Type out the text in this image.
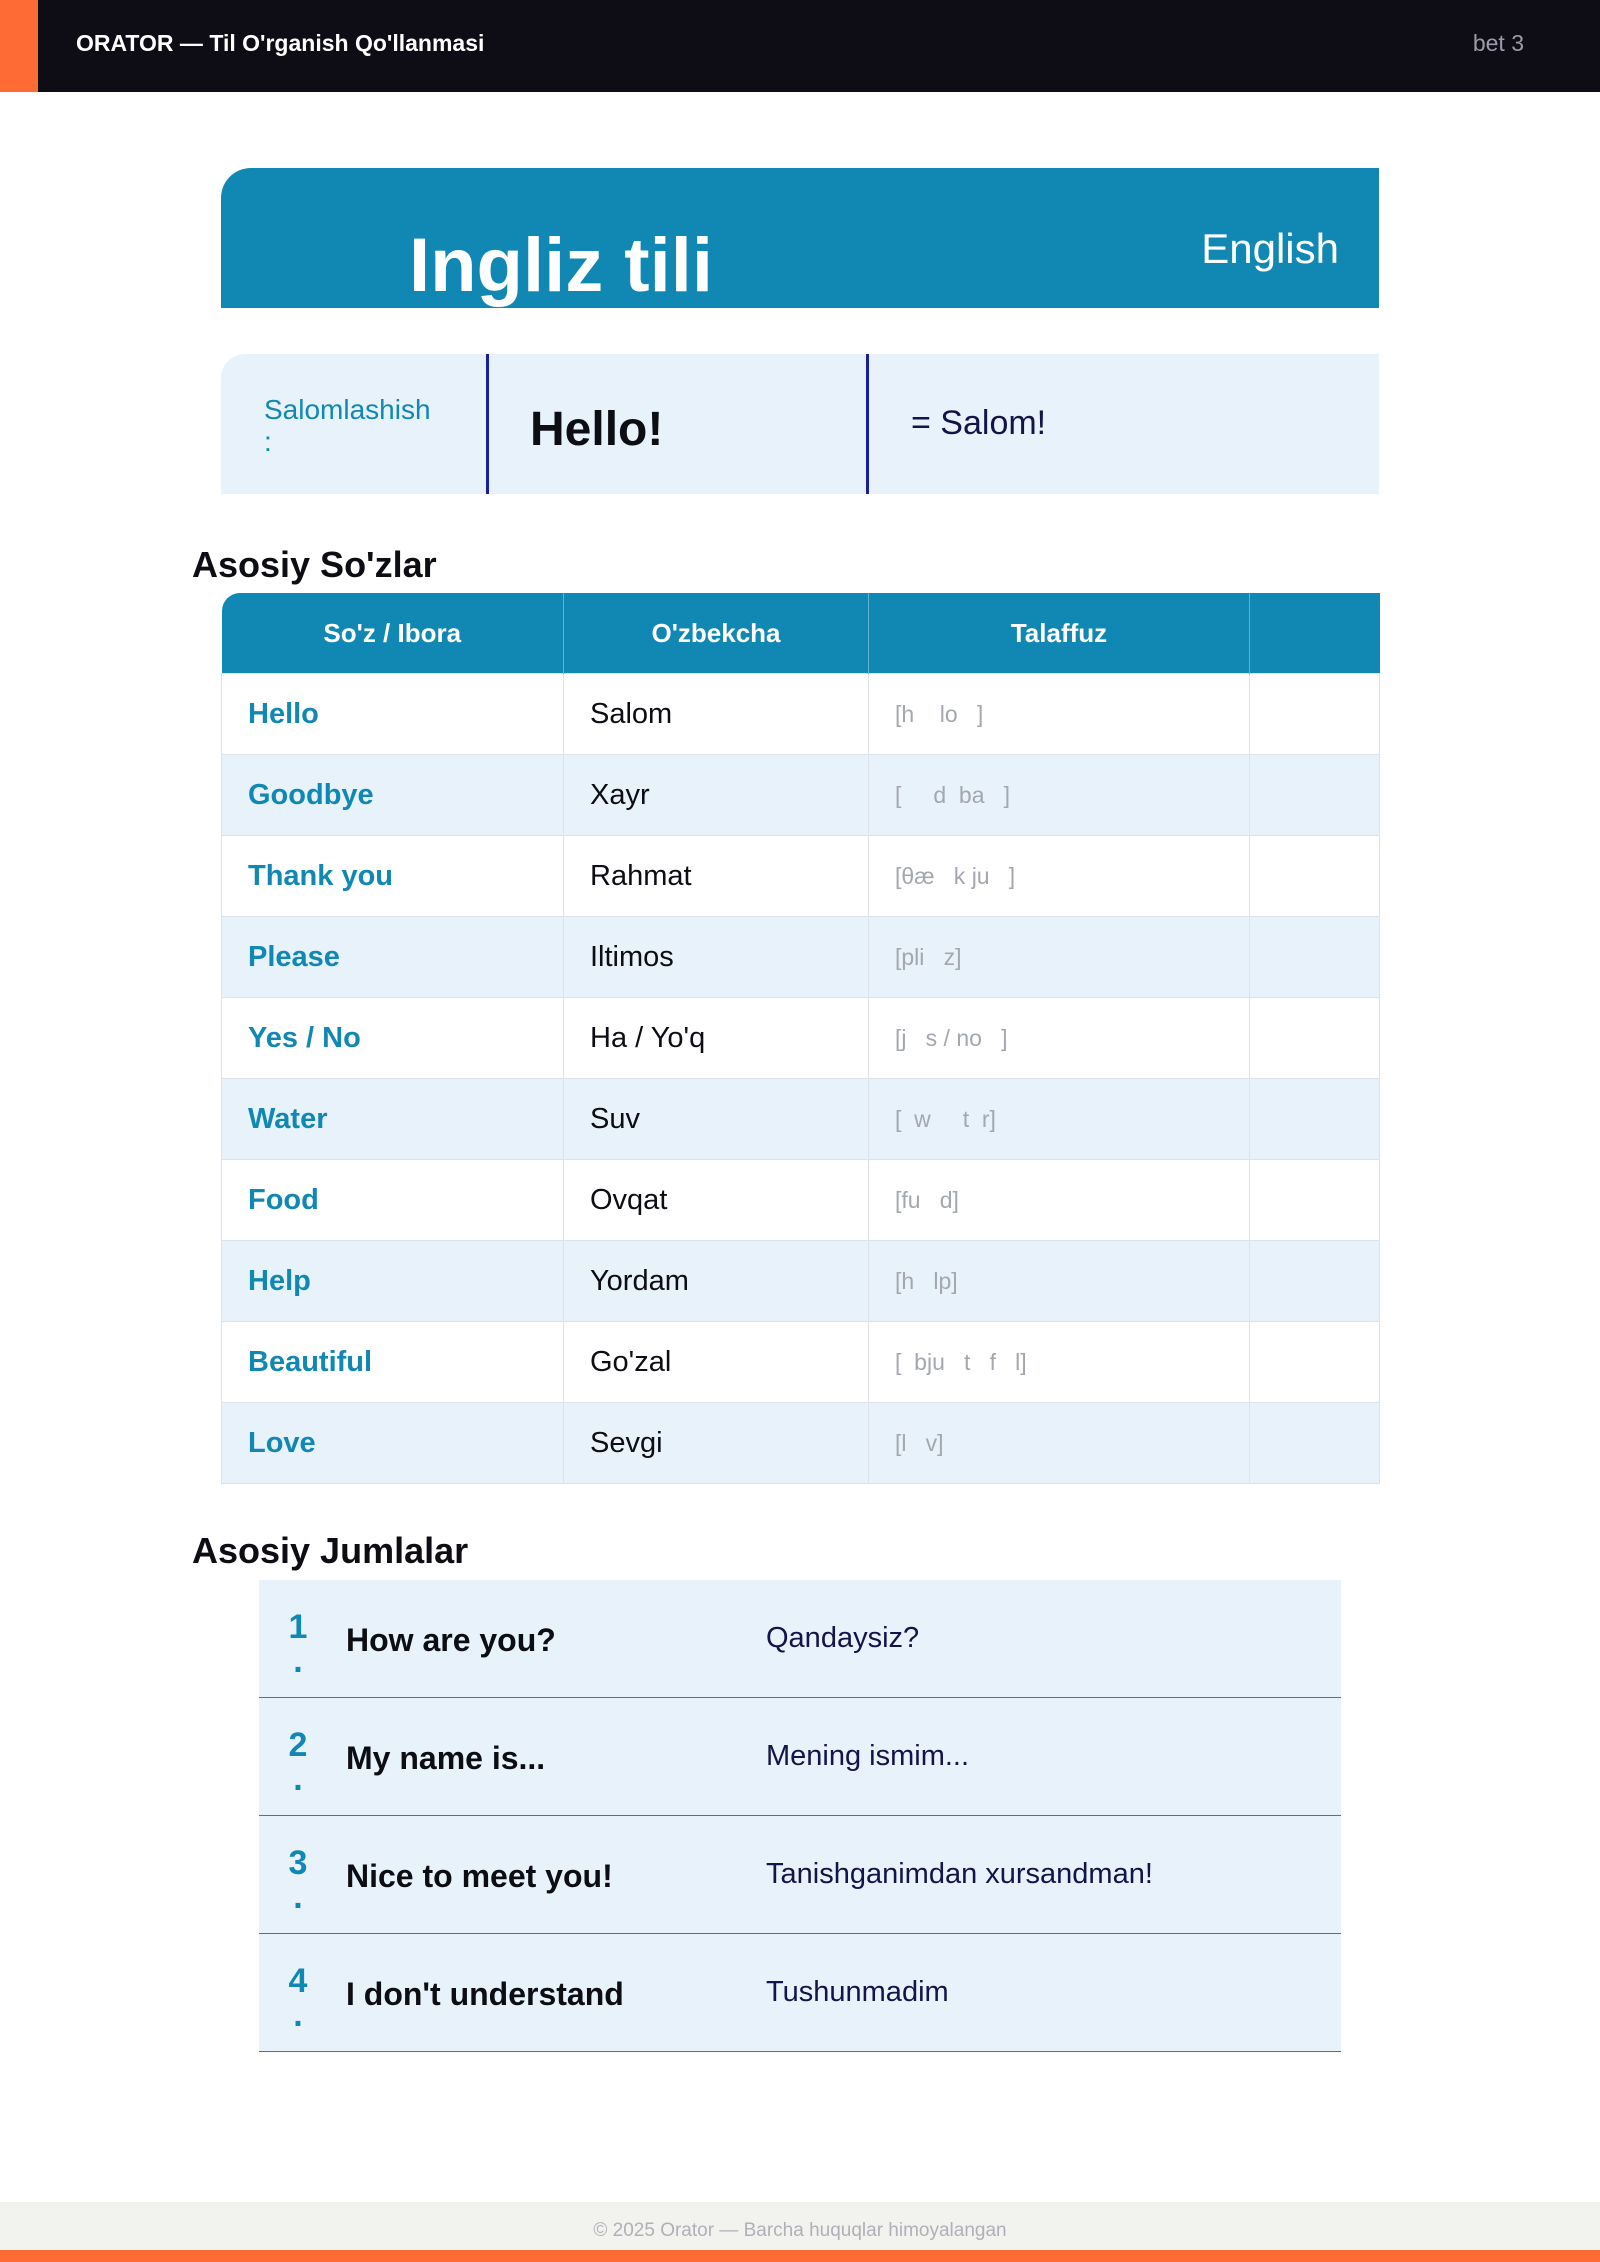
ORATOR — Til O'rganish Qo'llanmasi	bet 3
Ingliz tili	English
Salomlashish
:	Hello!	= Salom!
Asosiy So'zlar
So'z / Ibora	O'zbekcha	Talaffuz	
Hello	Salom	[h    lo   ]	
Goodbye	Xayr	[     d  ba   ]	
Thank you	Rahmat	[θæ   k ju   ]	
Please	Iltimos	[pli   z]	
Yes / No	Ha / Yo'q	[j   s / no   ]	
Water	Suv	[  w     t  r]	
Food	Ovqat	[fu   d]	
Help	Yordam	[h   lp]	
Beautiful	Go'zal	[  bju   t   f   l]	
Love	Sevgi	[l   v]	
Asosiy Jumlalar
1
.
How are you?	Qandaysiz?
2
.
My name is...	Mening ismim...
3
.
Nice to meet you!	Tanishganimdan xursandman!
4
.
I don't understand	Tushunmadim
© 2025 Orator — Barcha huquqlar himoyalangan
